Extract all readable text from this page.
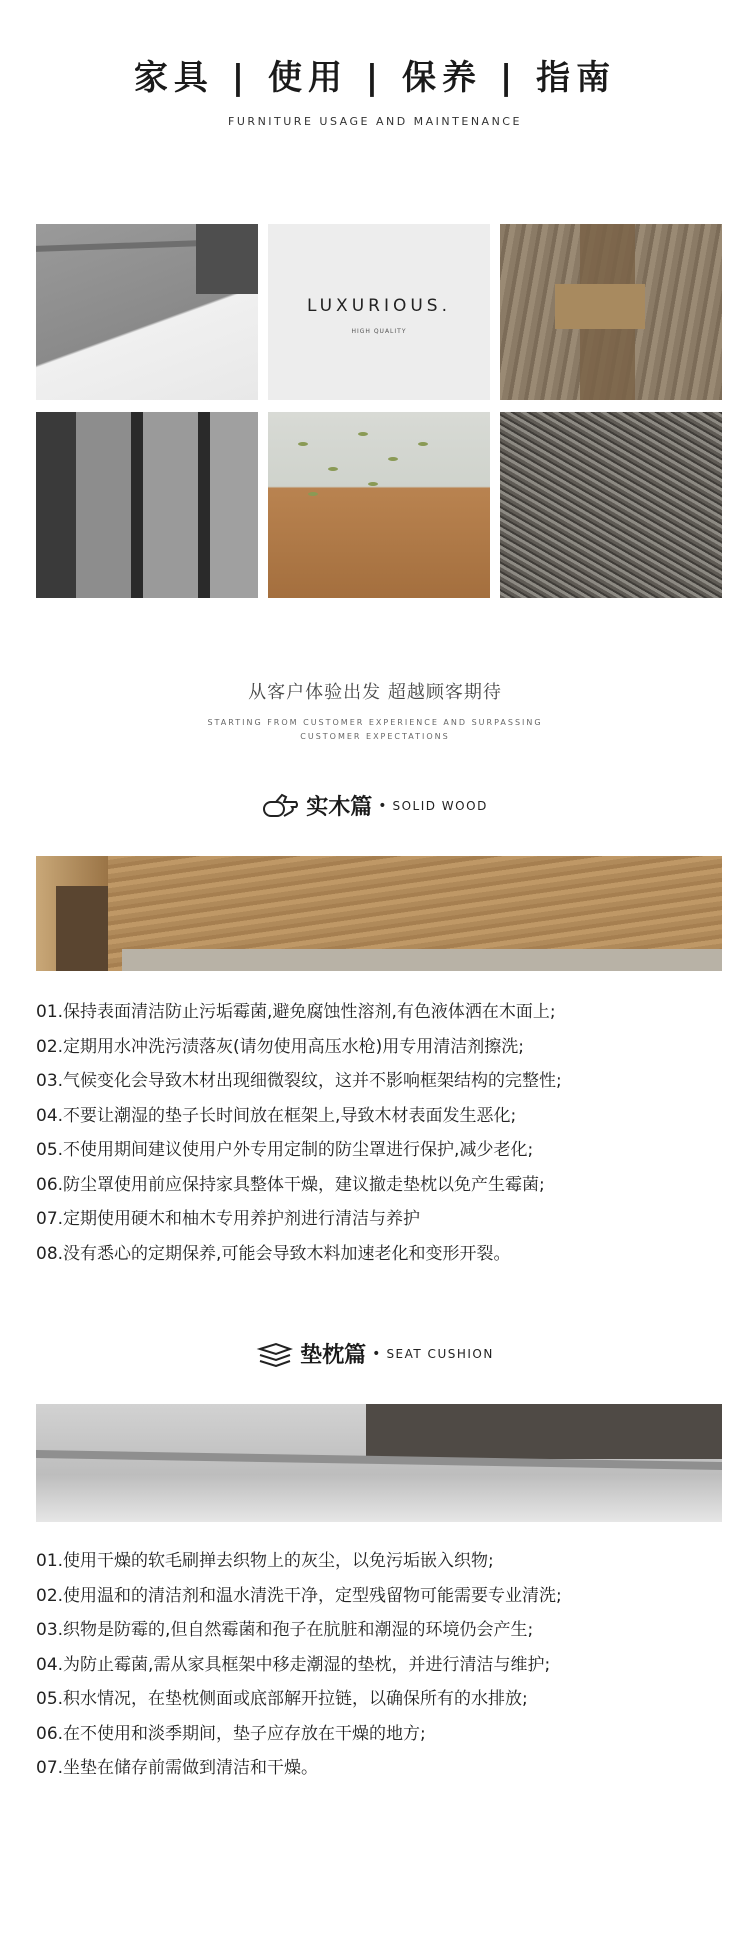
家具 | 使用 | 保养 | 指南
FURNITURE USAGE AND MAINTENANCE
LUXURIOUS.
HIGH QUALITY
从客户体验出发 超越顾客期待
STARTING FROM CUSTOMER EXPERIENCE AND SURPASSING
CUSTOMER EXPECTATIONS
实木篇 • SOLID WOOD
01.保持表面清洁防止污垢霉菌,避免腐蚀性溶剂,有色液体洒在木面上;
02.定期用水冲洗污渍落灰(请勿使用高压水枪)用专用清洁剂擦洗;
03.气候变化会导致木材出现细微裂纹，这并不影响框架结构的完整性;
04.不要让潮湿的垫子长时间放在框架上,导致木材表面发生恶化;
05.不使用期间建议使用户外专用定制的防尘罩进行保护,减少老化;
06.防尘罩使用前应保持家具整体干燥，建议撤走垫枕以免产生霉菌;
07.定期使用硬木和柚木专用养护剂进行清洁与养护
08.没有悉心的定期保养,可能会导致木料加速老化和变形开裂。
垫枕篇 • SEAT CUSHION
01.使用干燥的软毛刷掸去织物上的灰尘，以免污垢嵌入织物;
02.使用温和的清洁剂和温水清洗干净，定型残留物可能需要专业清洗;
03.织物是防霉的,但自然霉菌和孢子在肮脏和潮湿的环境仍会产生;
04.为防止霉菌,需从家具框架中移走潮湿的垫枕，并进行清洁与维护;
05.积水情况，在垫枕侧面或底部解开拉链，以确保所有的水排放;
06.在不使用和淡季期间，垫子应存放在干燥的地方;
07.坐垫在储存前需做到清洁和干燥。
